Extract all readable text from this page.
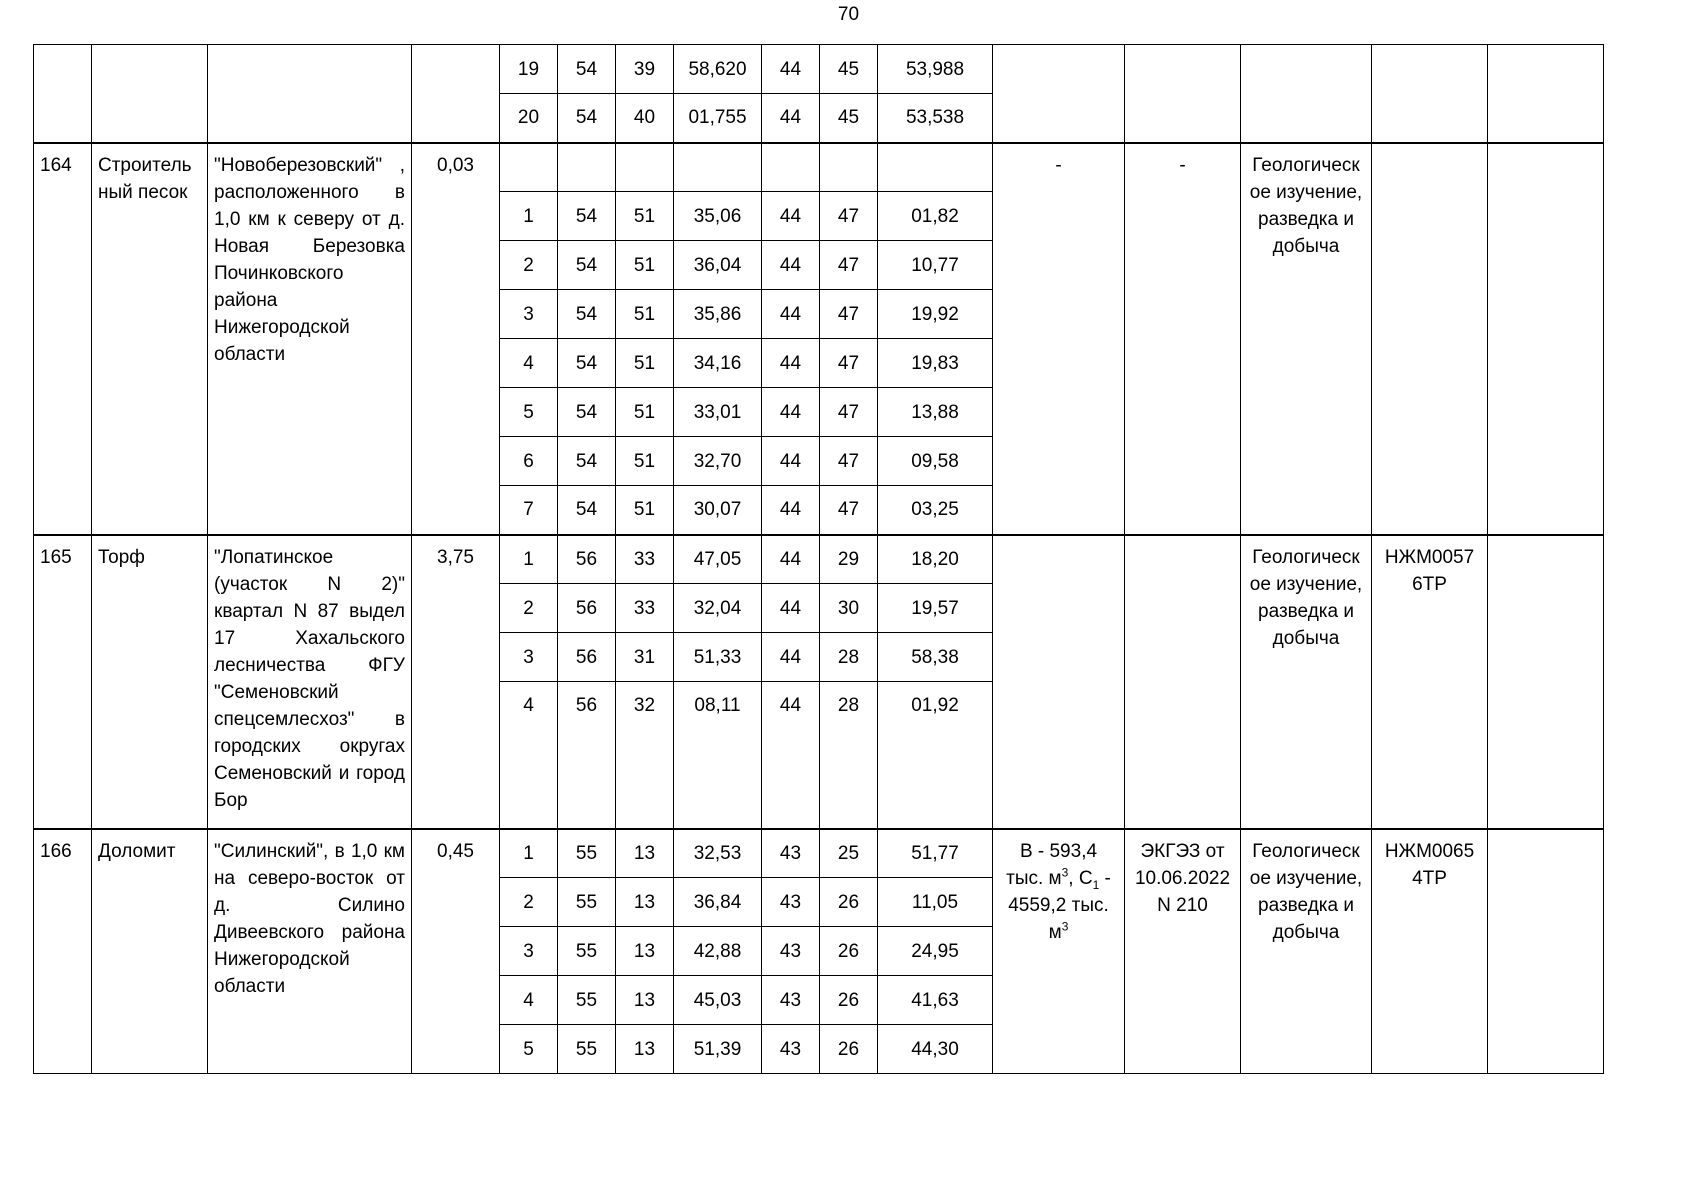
70
				19	54	39	58,620	44	45	53,988					
				20	54	40	01,755	44	45	53,538					
164	Строитель ный песок	"Новоберезовский" , расположенного в 1,0 км к северу от д. Новая Березовка Починковского района Нижегородской области	0,03								-	-	Геологическ ое изучение, разведка и добыча		
				1	54	51	35,06	44	47	01,82					
				2	54	51	36,04	44	47	10,77					
				3	54	51	35,86	44	47	19,92					
				4	54	51	34,16	44	47	19,83					
				5	54	51	33,01	44	47	13,88					
				6	54	51	32,70	44	47	09,58					
				7	54	51	30,07	44	47	03,25					
165	Торф	"Лопатинское (участок N 2)" квартал N 87 выдел 17 Хахальского лесничества ФГУ "Семеновский спецсемлесхоз" в городских округах Семеновский и город Бор	3,75	1	56	33	47,05	44	29	18,20			Геологическ ое изучение, разведка и добыча	НЖМ0057 6ТР	
				2	56	33	32,04	44	30	19,57					
				3	56	31	51,33	44	28	58,38					
				4	56	32	08,11	44	28	01,92					
166	Доломит	"Силинский", в 1,0 км на северо-восток от д. Силино Дивеевского района Нижегородской области	0,45	1	55	13	32,53	43	25	51,77	В - 593,4 тыс. $м^3$, $С_1 - 4559,2$ тыс. $м^3$	ЭКГЭЗ от 10.06.2022 N 210	Геологическ ое изучение, разведка и добыча	НЖМ0065 4ТР	
				2	55	13	36,84	43	26	11,05					
				3	55	13	42,88	43	26	24,95					
				4	55	13	45,03	43	26	41,63					
				5	55	13	51,39	43	26	44,30					
